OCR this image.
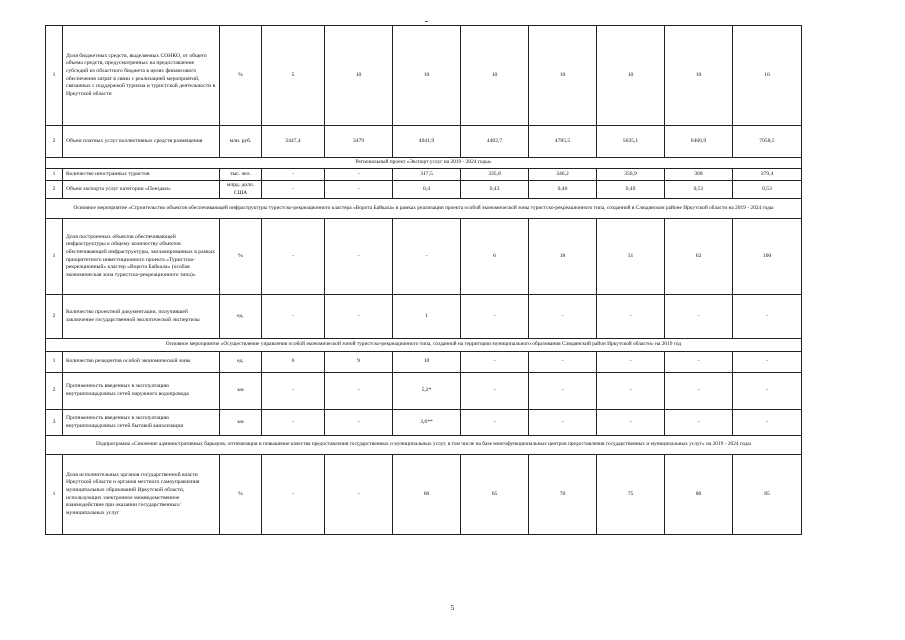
1	Доля бюджетных средств, выделяемых СОНКО, от общего объема средств, предусмотренных на предоставление субсидий из областного бюджета в целях финансового обеспечения затрат в связи с реализацией мероприятий, связанных с поддержкой туризма и туристской деятельности в Иркутской области	%	5	10	10	10	10	10	10	10
2	Объем платных услуг коллективных средств размещения	млн. руб.	3447,4	3479	4041,9	4402,7	4785,5	5635,1	6466,9	7058,5
Региональный проект «Экспорт услуг на 2019 - 2024 годы»										
1	Количество иностранных туристов	тыс. чел.	-	-	317,5	335,8	346,2	356,9	368	379,4
2	Объем экспорта услуг категории «Поездки»	млрд. долл. США	-	-	0,4	0,43	0,46	0,49	0,51	0,53
Основное мероприятие «Строительство объектов обеспечивающей инфраструктуры туристско-рекреационного кластера «Ворота Байкала» в рамках реализации проекта особой экономической зоны туристско-рекреационного типа, созданной в Слюдянском районе Иркутской области на 2019 - 2024 годы										
1	Доля построенных объектов обеспечивающей инфраструктуры к общему количеству объектов обеспечивающей инфраструктуры, запланированных в рамках приоритетного инвестиционного проекта «Туристско-рекреационный» кластер «Ворота Байкала» (особая экономическая зона туристско-рекреационного типа)»	%	-	-	-	6	18	31	62	100
2	Количество проектной документации, получившей заключение государственной экологической экспертизы	ед.	-	-	1	-	-	-	-	-
Основное мероприятие «Осуществление управления особой экономической зоной туристско-рекреационного типа, созданной на территории муниципального образования Слюдянский район Иркутской области» на 2019 год										
1	Количество резидентов особой экономической зоны	ед.	6	9	10	-	-	-	-	-
2	Протяженность введенных в эксплуатацию внутриплощадочных сетей наружного водопровода	км	-	-	5,2*	-	-	-	-	-
3	Протяженность введенных в эксплуатацию внутриплощадочных сетей бытовой канализации	км	-	-	3,6**	-	-	-	-	-
Подпрограмма «Снижение административных барьеров, оптимизация и повышение качества предоставления государственных и муниципальных услуг, в том числе на базе многофункциональных центров предоставления государственных и муниципальных услуг» на 2019 - 2024 годы										
1	Доля исполнительных органов государственной власти Иркутской области и органов местного самоуправления муниципальных образований Иркутской области, использующих электронное межведомственное взаимодействие при оказании государственных/муниципальных услуг	%	-	-	60	65	70	75	80	85
5
